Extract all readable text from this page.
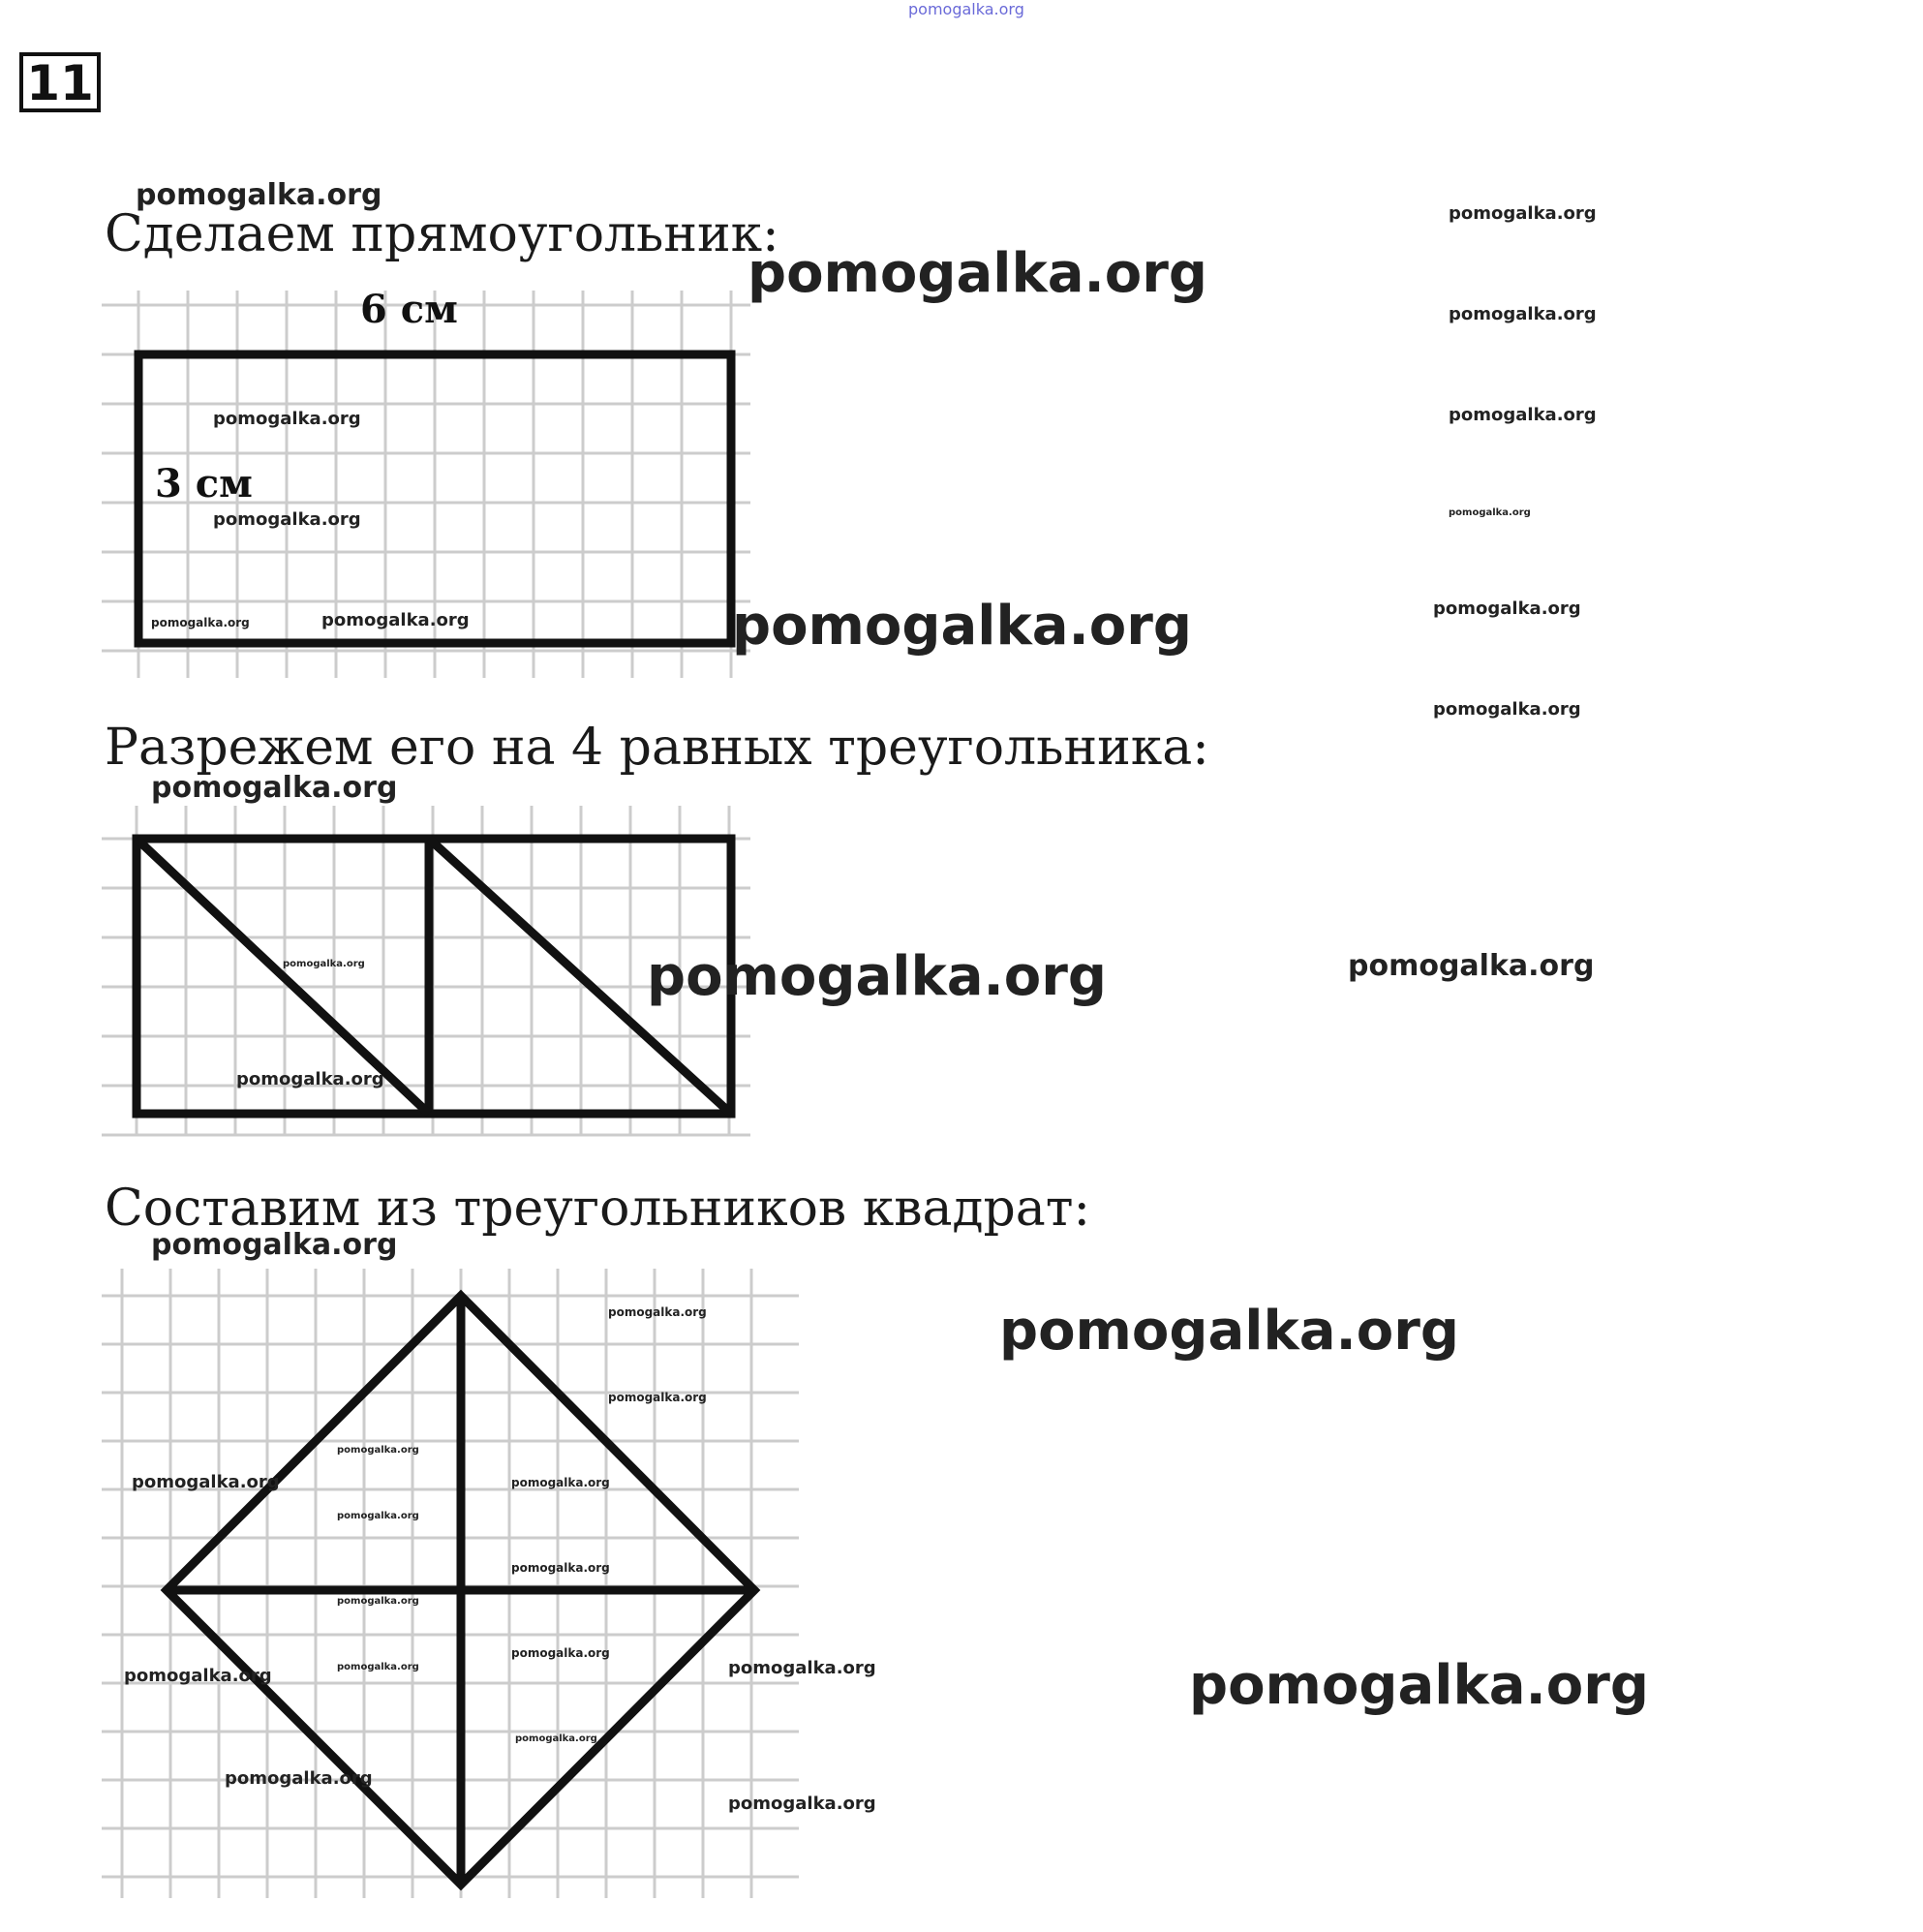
pomogalka.org
11
Сделаем прямоугольник:
6 см
3 см
Разрежем его на 4 равных треугольника:
Составим из треугольников квадрат:
pomogalka.org
pomogalka.org
pomogalka.org
pomogalka.org
pomogalka.org
pomogalka.org
pomogalka.org
pomogalka.org
pomogalka.org
pomogalka.org
pomogalka.org	pomogalka.org	pomogalka.org
pomogalka.org
pomogalka.org	pomogalka.org	pomogalka.org
pomogalka.org
pomogalka.org
pomogalka.org	pomogalka.org
pomogalka.org
pomogalka.org
pomogalka.org	pomogalka.org
pomogalka.org
pomogalka.org
pomogalka.org
pomogalka.org
pomogalka.org
pomogalka.org	pomogalka.org	pomogalka.org
pomogalka.org
pomogalka.org
pomogalka.org
